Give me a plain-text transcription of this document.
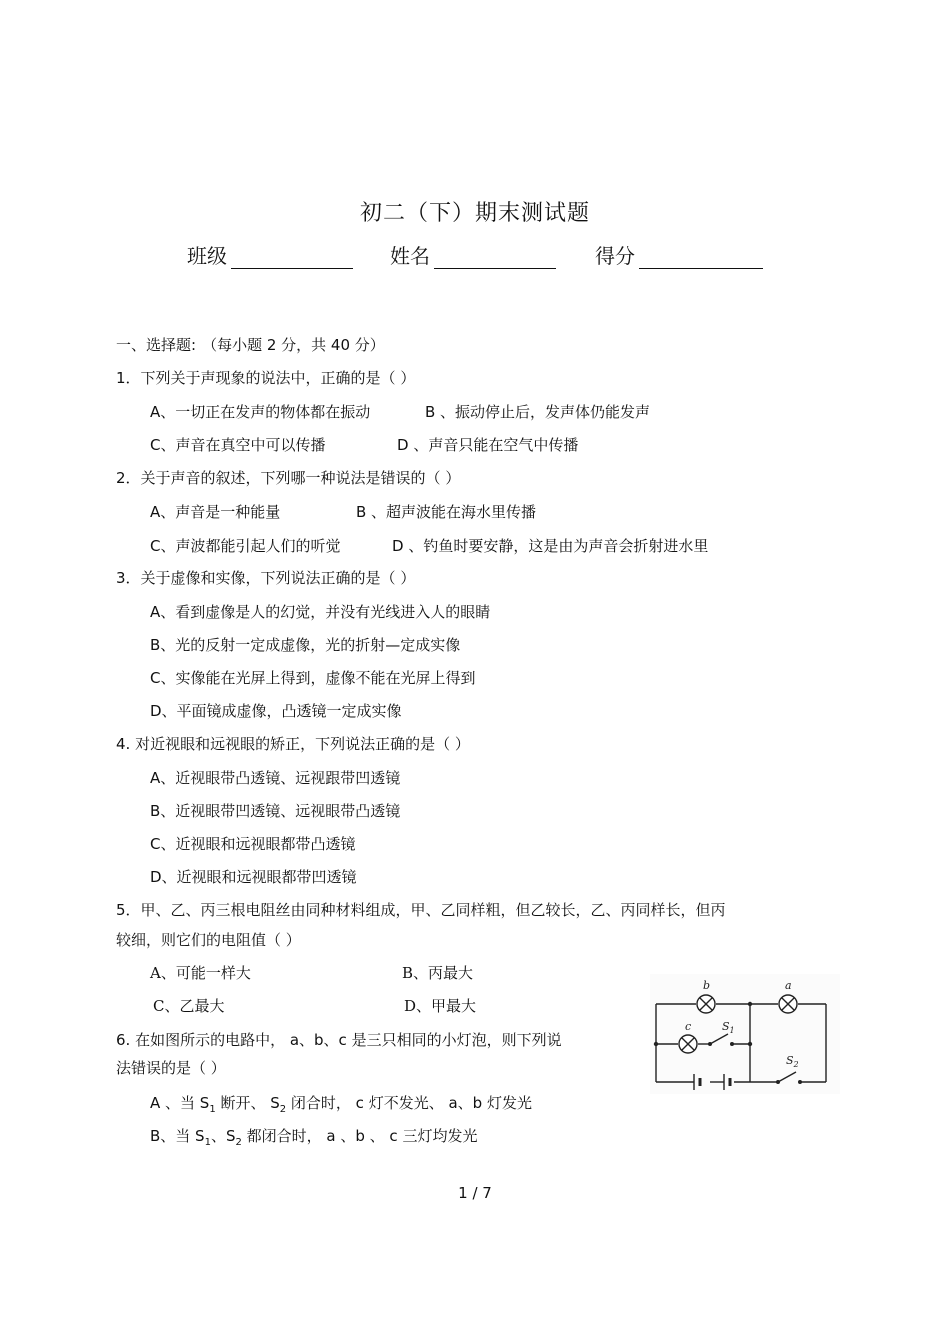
初二（下）期末测试题
班级	姓名	得分
一、选择题: （每小题 2 分，共 40 分）
1．下列关于声现象的说法中，正确的是（ ）
A、一切正在发声的物体都在振动	B 、振动停止后，发声体仍能发声
C、声音在真空中可以传播	D 、声音只能在空气中传播
2．关于声音的叙述，下列哪一种说法是错误的（ ）
A、声音是一种能量	B 、超声波能在海水里传播
C、声波都能引起人们的听觉	D 、钓鱼时要安静，这是由为声音会折射进水里
3．关于虚像和实像，下列说法正确的是（ ）
A、看到虚像是人的幻觉，并没有光线进入人的眼睛
B、光的反射一定成虚像，光的折射—定成实像
C、实像能在光屏上得到，虚像不能在光屏上得到
D、平面镜成虚像，凸透镜一定成实像
4. 对近视眼和远视眼的矫正，下列说法正确的是（ ）
A、近视眼带凸透镜、远视跟带凹透镜
B、近视眼带凹透镜、远视眼带凸透镜
C、近视眼和远视眼都带凸透镜
D、近视眼和远视眼都带凹透镜
5．甲、乙、丙三根电阻丝由同种材料组成，甲、乙同样粗，但乙较长，乙、丙同样长，但丙
较细，则它们的电阻值（ ）
A、可能一样大	B、丙最大
C、乙最大	D、甲最大
6. 在如图所示的电路中， a、b、c 是三只相同的小灯泡，则下列说
法错误的是（ ）
A 、当 $S_1$ 断开、 $S_2$ 闭合时， c 灯不发光、 a、b 灯发光
B、当 $S_1$、$S_2$ 都闭合时， a 、b 、 c 三灯均发光
b	a
c	$S_1$
$S_2$
1 / 7
